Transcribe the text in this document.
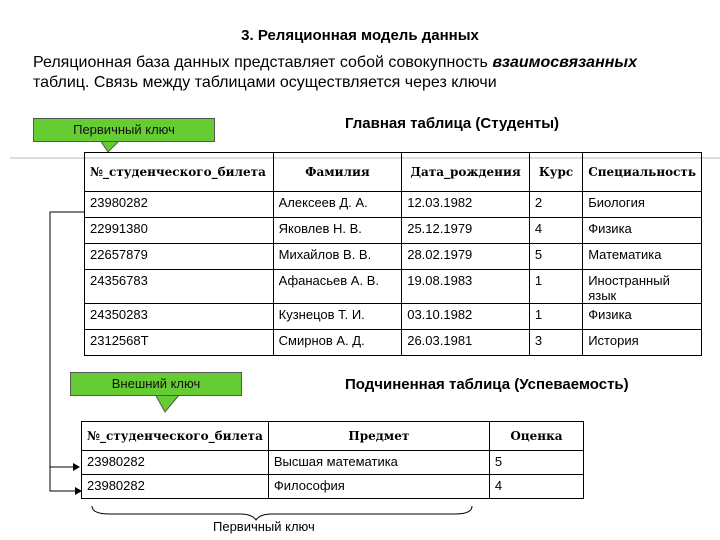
3. Реляционная модель данных
Реляционная база данных представляет собой совокупность взаимосвязанных таблиц. Связь между таблицами осуществляется через ключи
Первичный ключ	Главная таблица (Студенты)
№_студенческого_билета	Фамилия	Дата_рождения	Курс	Специальность
23980282	Алексеев Д. А.	12.03.1982	2	Биология
22991380	Яковлев Н. В.	25.12.1979	4	Физика
22657879	Михайлов В. В.	28.02.1979	5	Математика
24356783	Афанасьев А. В.	19.08.1983	1	Иностранный язык
24350283	Кузнецов Т. И.	03.10.1982	1	Физика
2312568Т	Смирнов А. Д.	26.03.1981	3	История
Внешний ключ	Подчиненная таблица (Успеваемость)
№_студенческого_билета	Предмет	Оценка
23980282	Высшая математика	5
23980282	Философия	4
Первичный ключ
